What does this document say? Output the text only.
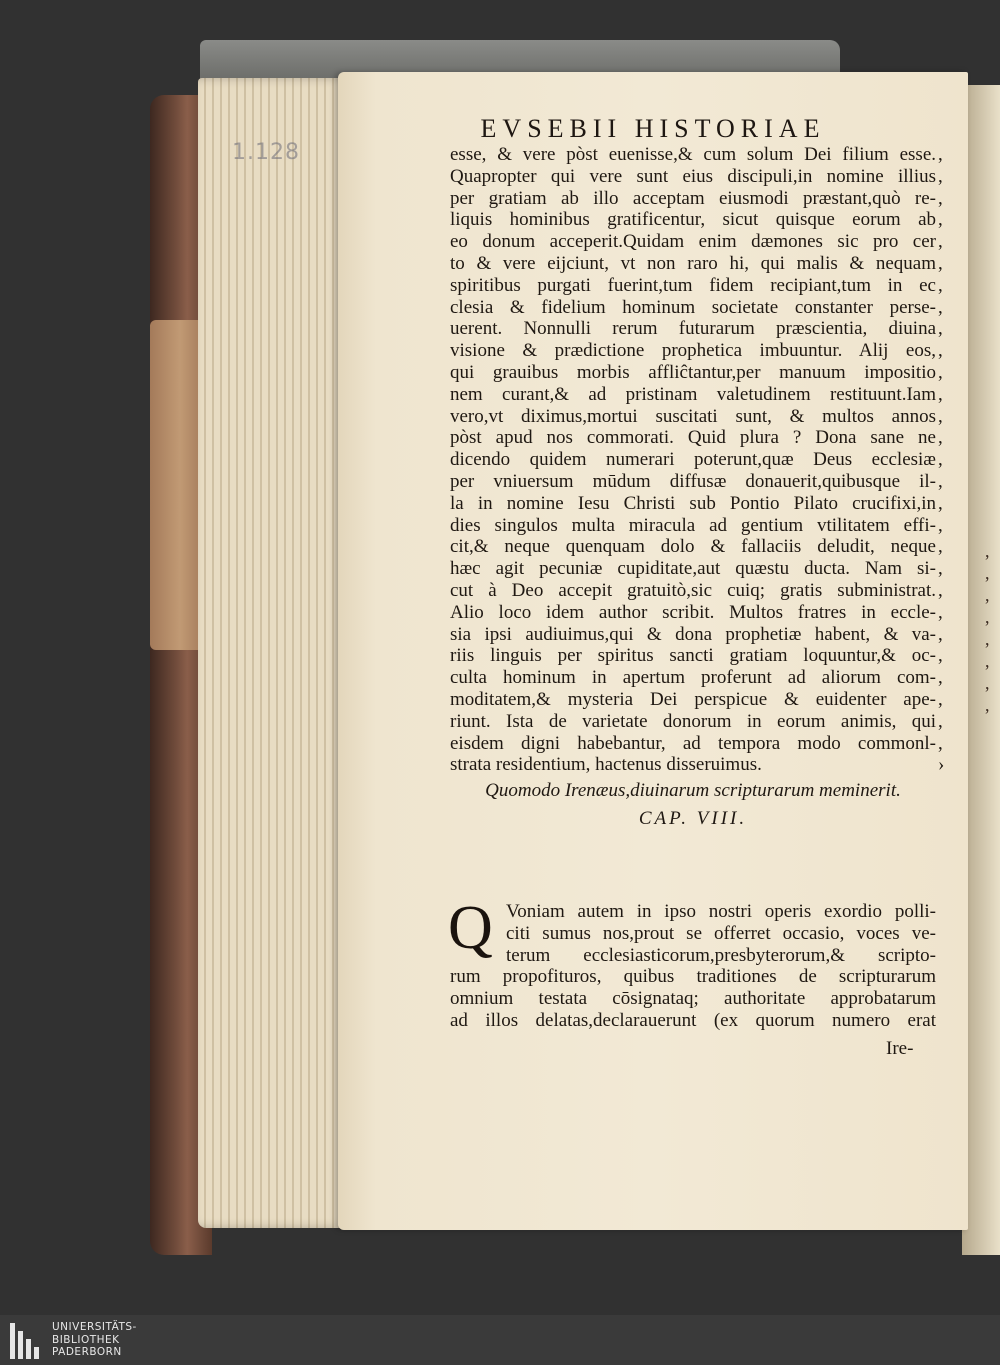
1.128
,
,
,
,
,
,
,
,
EVSEBII HISTORIAE
esse, & vere pòst euenisse,& cum solum Dei filium esse.
Quapropter qui vere sunt eius discipuli,in nomine illius
per gratiam ab illo acceptam eiusmodi præstant,quò re-
liquis hominibus gratificentur, sicut quisque eorum ab
eo donum acceperit.Quidam enim dæmones sic pro cer
to & vere eijciunt, vt non raro hi, qui malis & nequam
spiritibus purgati fuerint,tum fidem recipiant,tum in ec
clesia & fidelium hominum societate constanter perse-
uerent. Nonnulli rerum futurarum præscientia, diuina
visione & prædictione prophetica imbuuntur. Alij eos,
qui grauibus morbis affliĉtantur,per manuum impositio
nem curant,& ad pristinam valetudinem restituunt.Iam
vero,vt diximus,mortui suscitati sunt, & multos annos
pòst apud nos commorati. Quid plura ? Dona sane ne
dicendo quidem numerari poterunt,quæ Deus ecclesiæ
per vniuersum mūdum diffusæ donauerit,quibusque il-
la in nomine Iesu Christi sub Pontio Pilato crucifixi,in
dies singulos multa miracula ad gentium vtilitatem effi-
cit,& neque quenquam dolo & fallaciis deludit, neque
hæc agit pecuniæ cupiditate,aut quæstu ducta. Nam si-
cut à Deo accepit gratuitò,sic cuiq; gratis subministrat.
Alio loco idem author scribit. Multos fratres in eccle-
sia ipsi audiuimus,qui & dona prophetiæ habent, & va-
riis linguis per spiritus sancti gratiam loquuntur,& oc-
culta hominum in apertum proferunt ad aliorum com-
moditatem,& mysteria Dei perspicue & euidenter ape-
riunt. Ista de varietate donorum in eorum animis, qui
eisdem digni habebantur, ad tempora modo commonl-
strata residentium, hactenus disseruimus.
,
,
,
,
,
,
,
,
,
,
,
,
,
,
,
,
,
,
,
,
,
,
,
,
,
,
,
,
›
Quomodo Irenæus,diuinarum scripturarum meminerit.
CAP. VIII.
Q Voniam autem in ipso nostri operis exordio polli-
citi sumus nos,prout se offerret occasio, voces ve-
terum ecclesiasticorum,presbyterorum,& scripto-
rum propofituros, quibus traditiones de scripturarum
omnium testata cōsignataq; authoritate approbatarum
ad illos delatas,declarauerunt (ex quorum numero erat
Ire-
UNIVERSITÄTS-
BIBLIOTHEK
PADERBORN
